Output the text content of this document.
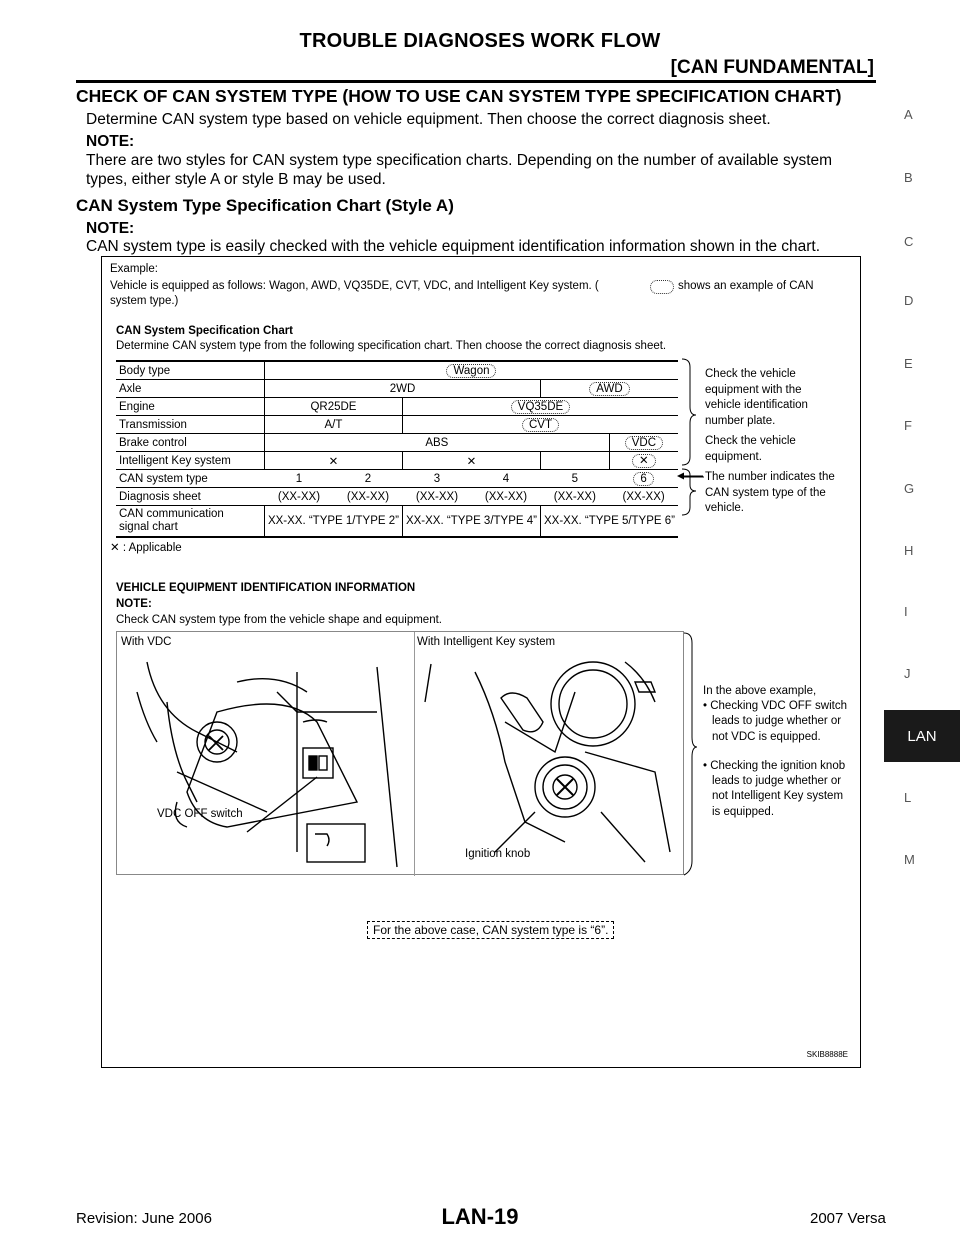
TROUBLE DIAGNOSES WORK FLOW
[CAN FUNDAMENTAL]
CHECK OF CAN SYSTEM TYPE (HOW TO USE CAN SYSTEM TYPE SPECIFICATION CHART)
Determine CAN system type based on vehicle equipment. Then choose the correct diagnosis sheet.
NOTE:
There are two styles for CAN system type specification charts. Depending on the number of available system
types, either style A or style B may be used.
CAN System Type Specification Chart (Style A)
NOTE:
CAN system type is easily checked with the vehicle equipment identification information shown in the chart.
A
B
C
D
E
F
G
H
I
J
LAN
L
M
Example:
Vehicle is equipped as follows: Wagon, AWD, VQ35DE, CVT, VDC, and Intelligent Key system. (	shows an example of CAN
system type.)
CAN System Specification Chart
Determine CAN system type from the following specification chart. Then choose the correct diagnosis sheet.
Body type	Wagon					
Axle	2WD				AWD	
Engine	QR25DE		VQ35DE			
Transmission	A/T		CVT			
Brake control	ABS					VDC
Intelligent Key system	✕		✕			✕
CAN system type	1	2	3	4	5	6
Diagnosis sheet	(XX-XX)	(XX-XX)	(XX-XX)	(XX-XX)	(XX-XX)	(XX-XX)
CAN communication
signal chart	XX-XX. “TYPE 1/TYPE 2”		XX-XX. “TYPE 3/TYPE 4”		XX-XX. “TYPE 5/TYPE 6”	
✕ : Applicable
Check the vehicle
equipment with the
vehicle identification
number plate.
Check the vehicle
equipment.
The number indicates the
CAN system type of the
vehicle.
VEHICLE EQUIPMENT IDENTIFICATION INFORMATION
NOTE:
Check CAN system type from the vehicle shape and equipment.
With VDC	With Intelligent Key system
VDC OFF switch
Ignition knob
In the above example,
• Checking VDC OFF switch
leads to judge whether or
not VDC is equipped.
• Checking the ignition knob
leads to judge whether or
not Intelligent Key system
is equipped.
For the above case, CAN system type is “6”.
SKIB8888E
Revision: June 2006	LAN-19	2007 Versa
